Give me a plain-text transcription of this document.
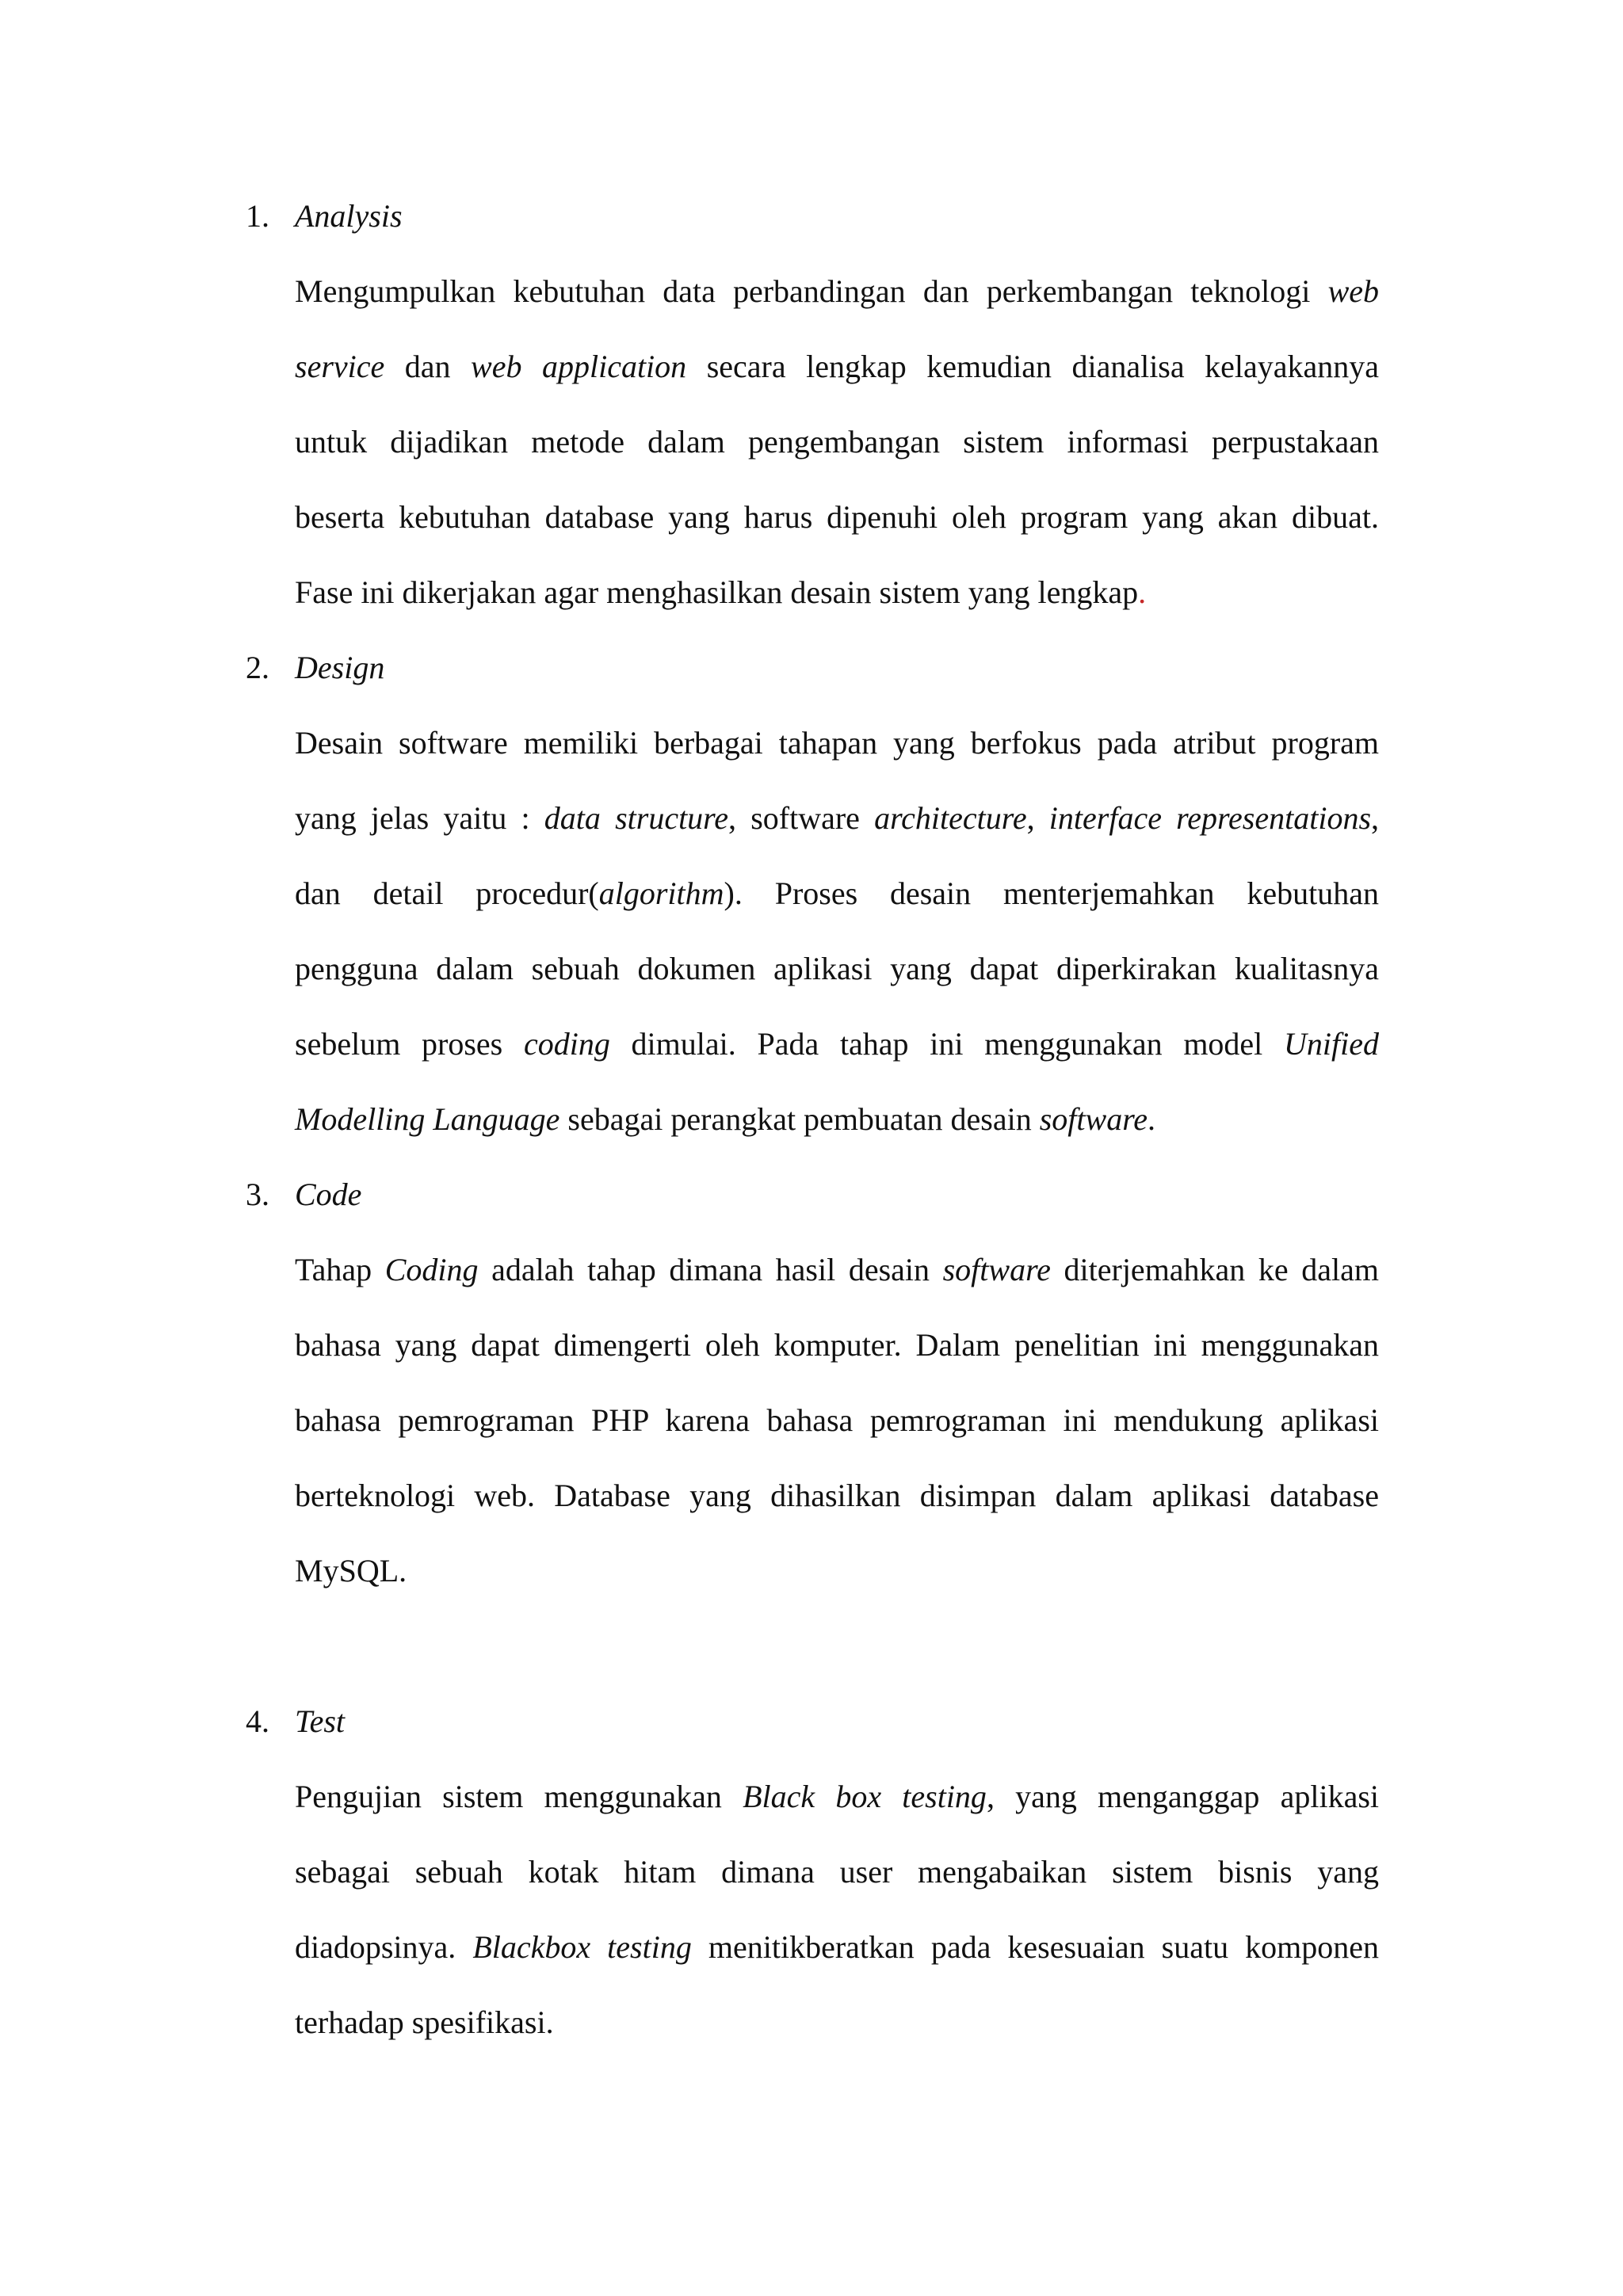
1. Analysis
Mengumpulkan kebutuhan data perbandingan dan perkembangan teknologi web
service dan web application secara lengkap kemudian dianalisa kelayakannya
untuk dijadikan metode dalam pengembangan sistem informasi perpustakaan
beserta kebutuhan database yang harus dipenuhi oleh program yang akan dibuat.
Fase ini dikerjakan agar menghasilkan desain sistem yang lengkap.
2. Design
Desain software memiliki berbagai tahapan yang berfokus pada atribut program
yang jelas yaitu : data structure, software architecture, interface representations,
dan detail procedur(algorithm). Proses desain menterjemahkan kebutuhan
pengguna dalam sebuah dokumen aplikasi yang dapat diperkirakan kualitasnya
sebelum proses coding dimulai. Pada tahap ini menggunakan model Unified
Modelling Language sebagai perangkat pembuatan desain software.
3. Code
Tahap Coding adalah tahap dimana hasil desain software diterjemahkan ke dalam
bahasa yang dapat dimengerti oleh komputer. Dalam penelitian ini menggunakan
bahasa pemrograman PHP karena bahasa pemrograman ini mendukung aplikasi
berteknologi web. Database yang dihasilkan disimpan dalam aplikasi database
MySQL.
4. Test
Pengujian sistem menggunakan Black box testing, yang menganggap aplikasi
sebagai sebuah kotak hitam dimana user mengabaikan sistem bisnis yang
diadopsinya. Blackbox testing menitikberatkan pada kesesuaian suatu komponen
terhadap spesifikasi.
